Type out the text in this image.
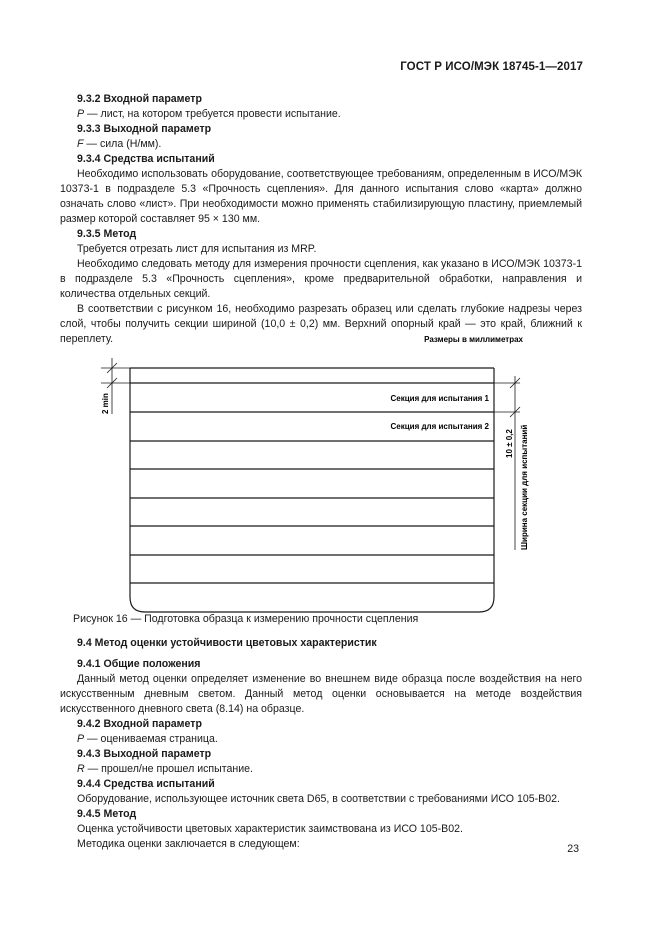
ГОСТ Р ИСО/МЭК 18745-1—2017

9.3.2 Входной параметр

P — лист, на котором требуется провести испытание.

9.3.3 Выходной параметр

F — сила (Н/мм).

9.3.4 Средства испытаний

Необходимо использовать оборудование, соответствующее требованиям, определенным в ИСО/МЭК 10373-1 в подразделе 5.3 «Прочность сцепления». Для данного испытания слово «карта» должно означать слово «лист». При необходимости можно применять стабилизирующую пластину, приемлемый размер которой составляет 95 × 130 мм.

9.3.5 Метод

Требуется отрезать лист для испытания из MRP.

Необходимо следовать методу для измерения прочности сцепления, как указано в ИСО/МЭК 10373-1 в подразделе 5.3 «Прочность сцепления», кроме предварительной обработки, направления и количества отдельных секций.

В соответствии с рисунком 16, необходимо разрезать образец или сделать глубокие надрезы через слой, чтобы получить секции шириной (10,0 ± 0,2) мм. Верхний опорный край — это край, ближний к переплету.	Размеры в миллиметрах
Секция для испытания 1
Секция для испытания 2
2 min
10 ± 0,2 Ширина секции для испытаний
Рисунок 16 — Подготовка образца к измерению прочности сцепления

9.4 Метод оценки устойчивости цветовых характеристик

9.4.1 Общие положения

Данный метод оценки определяет изменение во внешнем виде образца после воздействия на него искусственным дневным светом. Данный метод оценки основывается на методе воздействия искусственного дневного света (8.14) на образце.

9.4.2 Входной параметр

P — оцениваемая страница.

9.4.3 Выходной параметр

R — прошел/не прошел испытание.

9.4.4 Средства испытаний

Оборудование, использующее источник света D65, в соответствии с требованиями ИСО 105-B02.

9.4.5 Метод

Оценка устойчивости цветовых характеристик заимствована из ИСО 105-B02.

Методика оценки заключается в следующем:	23
